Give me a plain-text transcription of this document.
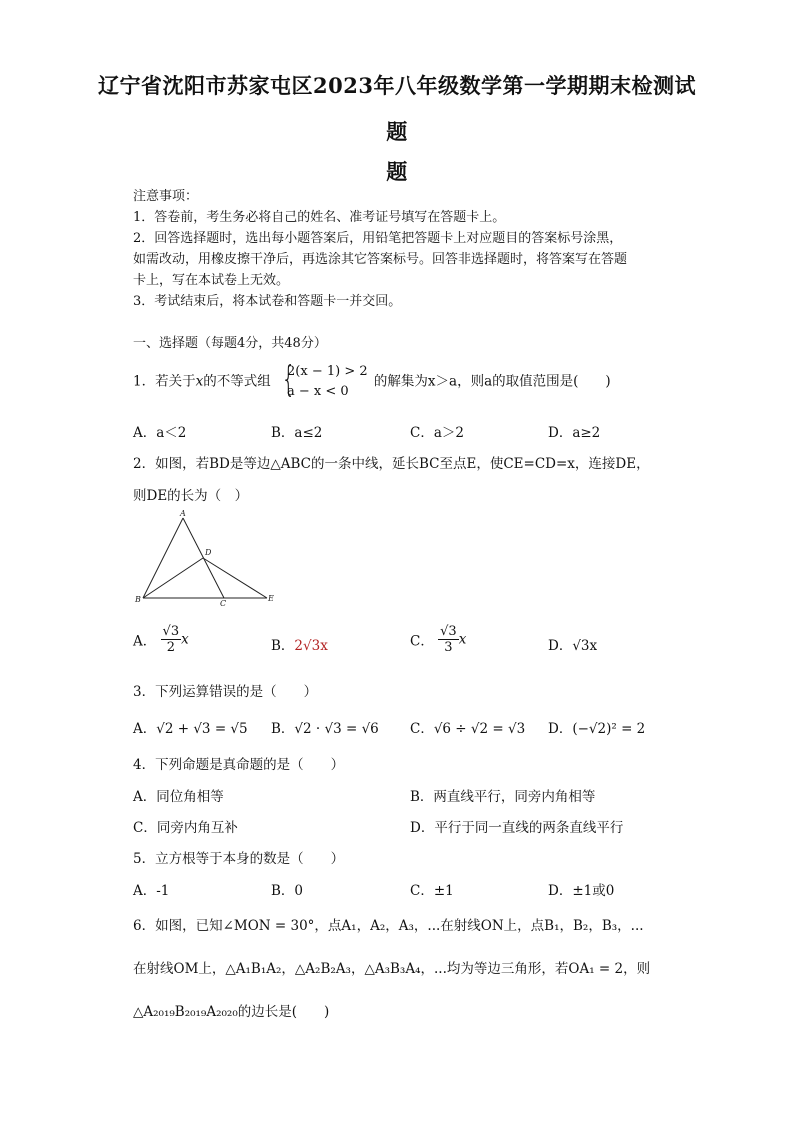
辽宁省沈阳市苏家屯区2023年八年级数学第一学期期末检测试
题
题

注意事项：

1．答卷前，考生务必将自己的姓名、准考证号填写在答题卡上。

2．回答选择题时，选出每小题答案后，用铅笔把答题卡上对应题目的答案标号涂黑，

如需改动，用橡皮擦干净后，再选涂其它答案标号。回答非选择题时，将答案写在答题

卡上，写在本试卷上无效。

3．考试结束后，将本试卷和答题卡一并交回。

一、选择题（每题4分，共48分）
1．若关于x的不等式组 {
2(x − 1) > 2
a − x < 0
的解集为x＞a，则a的取值范围是(　　)
A．a＜2	B．a≤2	C．a＞2	D．a≥2
2．如图，若BD是等边△ABC的一条中线，延长BC至点E，使CE=CD=x，连接DE，
则DE的长为（　）
A
B	C
D
E
A． $\frac{√3}{2}$ x	B．2√3x	C． $\frac{√3}{3}$ x	D．√3x
3．下列运算错误的是（　　）
A．√2 + √3 = √5 B．√2 · √3 = √6 C．√6 ÷ √2 = √3 D．(−√2)² = 2
4．下列命题是真命题的是（　　）
A．同位角相等	B．两直线平行，同旁内角相等
C．同旁内角互补	D．平行于同一直线的两条直线平行
5．立方根等于本身的数是（　　）
A．-1	B．0	C．±1	D．±1或0
6．如图，已知∠MON = 30°，点A₁，A₂，A₃，...在射线ON上，点B₁，B₂，B₃，...
在射线OM上，△A₁B₁A₂，△A₂B₂A₃，△A₃B₃A₄，...均为等边三角形，若OA₁ = 2，则
△A₂₀₁₉B₂₀₁₉A₂₀₂₀的边长是(　　)
